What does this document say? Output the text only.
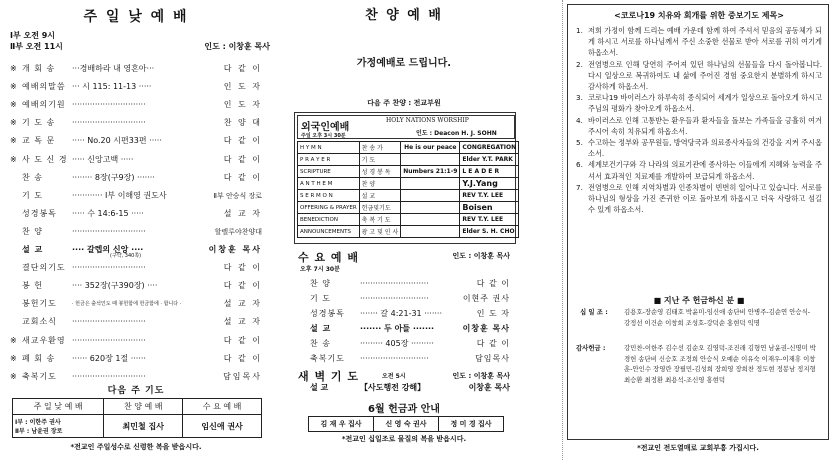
주 일 낮 예 배
Ⅰ부 오전 9시
Ⅱ부 오전 11시	인도 : 이창훈 목사
※ 개 회 송 ···경배하라 내 영혼아···	다 같 이
※ 예배의말씀 ··· 시 115: 11-13 ·····	인 도 자
※ 예배의기원 ·····························	인 도 자
※ 기 도 송 ·····························	찬 양 대
※ 교 독 문 ····· No.20 시편33편 ·····	다 같 이
※ 사 도 신 경 ····· 신앙고백 ·····	다 같 이
찬 송	········ 8장(구9장) ·······	다 같 이
기 도	············ Ⅰ부 이해영 권도사	Ⅱ부 안승식 장로
성경봉독 ····· 수 14:6-15 ·····	설 교 자
찬 양	·····························	할렐루야찬양대
설 교	···· 갈렙의 신앙 ····	이창훈 목사
결단의기도 ·····························	다 같 이
봉 헌	···· 352장(구390장) ····	다 같 이
봉헌기도	· 헌금은 출석인도 때 봉헌함에 헌금함에 · 합니다 ·	설 교 자
교회소식 ·····························	설 교 자
※ 새교우환영 ·····························	다 같 이
※ 폐 회 송 ······ 620장 1절 ······	다 같 이
※ 축복기도 ·····························	담임목사
(구약, 340쪽)
다음 주 기도
주 일 낮 예 배	찬 양 예 배	수 요 예 배
Ⅰ부 : 이한주 권사
Ⅱ부 : 남윤권 장로	최민철 집사	임신애 권사
*전교인 주일성수로 신령한 복을 받읍시다.
찬 양 예 배
가정예배로 드립니다.
다음 주 찬양 : 전교부원
외국인예배
HOLY NATIONS WORSHIP
인도 : Deacon H. J. SOHN
주일 오후 3시 30분
H Y M N	찬 송 가	He is our peace	CONGREGATION
P R A Y E R	기 도		Elder Y.T. PARK
SCRIPTURE	성 경 봉 독	Numbers 21:1-9	L E A D E R
A N T H E M	찬 양		Y.J.Yang
S E R M O N	설 교		REV T.Y. LEE
OFFERING & PRAYER	헌금및기도		Boisen
BENEDICTION	축 복 기 도		REV T.Y. LEE
ANNOUNCEMENTS	광 고 및 인 사		Elder S. H. CHO
수 요 예 배	인도 : 이창훈 목사
오후 7시 30분
찬 양	···························	다 같 이
기 도	···························	이현주 권사
성경봉독 ······· 갈 4:21-31 ·······	인 도 자
설 교	······· 두 아들 ·······	이창훈 목사
찬 송	········· 405장 ·········	다 같 이
축복기도 ···························	담임목사
새 벽 기 도	오전 5시	인도 : 이창훈 목사
설 교	【사도행전 강해】	이창훈 목사
6월 헌금과 안내
김 재 우 집사	신 영 숙 권사	정 미 경 집사
*전교인 십일조로 물질의 복을 받읍시다.
<코로나19 치유와 회개를 위한 중보기도 제목>
1. 저희 가정이 함께 드리는 예배 가운데 함께 하여 주셔서 믿음의 공동체가 되게 하시고 서로를 하나님께서 주신 소중한 선물로 받아 서로를 귀히 여기게 하옵소서.
2. 전염병으로 인해 당연히 주어져 있던 하나님의 선물들을 다시 돌아봅니다. 다시 일상으로 복귀하여도 내 삶에 주어진 경험 중요한지 분별하게 하시고 감사하게 하옵소서.
3. 코로나19 바이러스가 하루속히 종식되어 세계가 일상으로 돌아오게 하시고 주님의 평화가 찾아오게 하옵소서.
4. 바이러스로 인해 고통받는 환우들과 환자들을 돌보는 가족들을 긍휼히 여겨 주시어 속히 치유되게 하옵소서.
5. 수고하는 정부와 공무원들, 방역당국과 의료종사자들의 건강을 지켜 주시옵소서.
6. 세계보건기구와 각 나라의 의료기관에 종사하는 이들에게 지혜와 능력을 주셔서 효과적인 치료제를 개발하여 보급되게 하옵소서.
7. 전염병으로 인해 지역차별과 인종차별이 빈번히 일어나고 있습니다. 서로를 하나님의 형상을 가진 존귀한 이로 돌아보게 하옵시고 더욱 사랑하고 섬길 수 있게 하옵소서.
■ 지난 주 헌금하신 분 ■
십 일 조 :	김용호-장순영 김태호 박윤미-임신애 송단비 안병주-김순연 안승식-강정선 이건순 이창희 조성호-강덕순 홍현덕 익명
감사헌금 :	강민찬-이한주 김수선 김순오 김영덕-조진래 김형연 남윤권-신명미 박경헌 송단비 신승호 조정희 안승식 오예순 이유숙 이재우-이재휴 이창훈-안인수 장영란 장필민-김성희 장희영 장희찬 정도현 정봉남 정지형 최승환 최정환 최용석-조신영 홍현덕
*전교인 전도열매로 교회부흥 가집시다.
